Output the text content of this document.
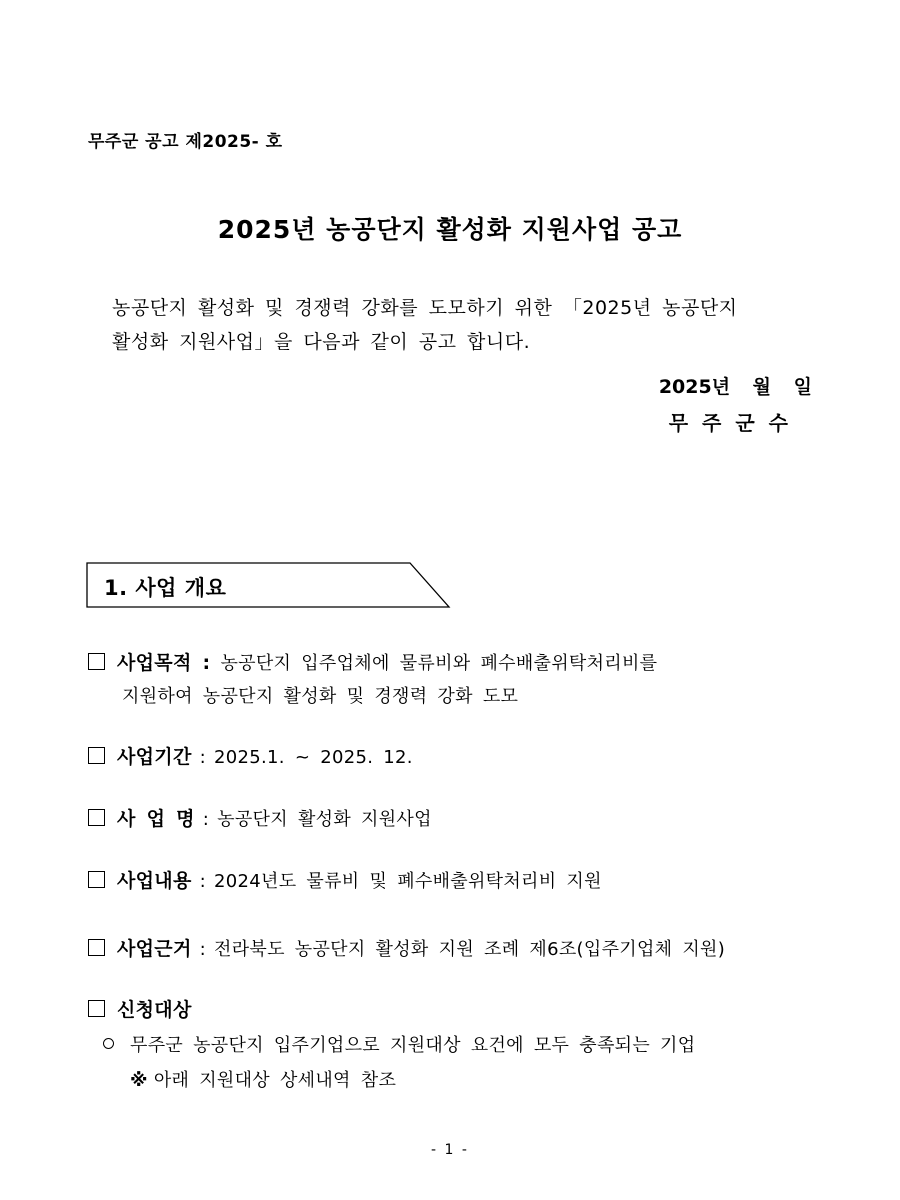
무주군 공고 제2025- 호
2025년 농공단지 활성화 지원사업 공고
농공단지 활성화 및 경쟁력 강화를 도모하기 위한 「2025년 농공단지
활성화 지원사업」을 다음과 같이 공고 합니다.
2025년 월 일
무주군수
1. 사업 개요
사업목적 : 농공단지 입주업체에 물류비와 폐수배출위탁처리비를
지원하여 농공단지 활성화 및 경쟁력 강화 도모
사업기간 : 2025.1. ~ 2025. 12.
사 업 명 : 농공단지 활성화 지원사업
사업내용 : 2024년도 물류비 및 폐수배출위탁처리비 지원
사업근거 : 전라북도 농공단지 활성화 지원 조례 제6조(입주기업체 지원)
신청대상
무주군 농공단지 입주기업으로 지원대상 요건에 모두 충족되는 기업
※ 아래 지원대상 상세내역 참조
- 1 -
